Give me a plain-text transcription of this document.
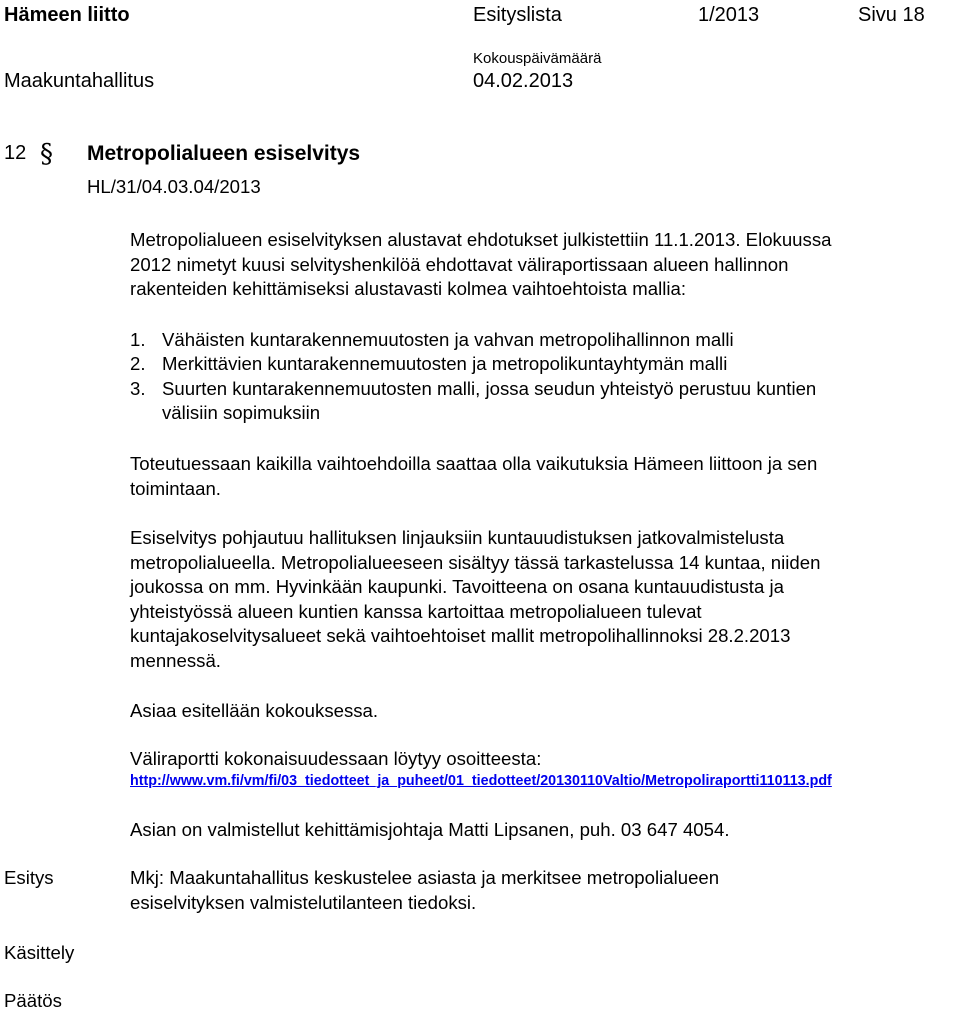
Hämeen liitto	Esityslista	1/2013	Sivu 18
Kokouspäivämäärä
Maakuntahallitus	04.02.2013
12 § Metropolialueen esiselvitys
HL/31/04.03.04/2013
Metropolialueen esiselvityksen alustavat ehdotukset julkistettiin 11.1.2013. Elokuussa
2012 nimetyt kuusi selvityshenkilöä ehdottavat väliraportissaan alueen hallinnon
rakenteiden kehittämiseksi alustavasti kolmea vaihtoehtoista mallia:
1. Vähäisten kuntarakennemuutosten ja vahvan metropolihallinnon malli
2. Merkittävien kuntarakennemuutosten ja metropolikuntayhtymän malli
3. Suurten kuntarakennemuutosten malli, jossa seudun yhteistyö perustuu kuntien
välisiin sopimuksiin
Toteutuessaan kaikilla vaihtoehdoilla saattaa olla vaikutuksia Hämeen liittoon ja sen
toimintaan.
Esiselvitys pohjautuu hallituksen linjauksiin kuntauudistuksen jatkovalmistelusta
metropolialueella. Metropolialueeseen sisältyy tässä tarkastelussa 14 kuntaa, niiden
joukossa on mm. Hyvinkään kaupunki. Tavoitteena on osana kuntauudistusta ja
yhteistyössä alueen kuntien kanssa kartoittaa metropolialueen tulevat
kuntajakoselvitysalueet sekä vaihtoehtoiset mallit metropolihallinnoksi 28.2.2013
mennessä.
Asiaa esitellään kokouksessa.
Väliraportti kokonaisuudessaan löytyy osoitteesta:
http://www.vm.fi/vm/fi/03_tiedotteet_ja_puheet/01_tiedotteet/20130110Valtio/Metropoliraportti110113.pdf
Asian on valmistellut kehittämisjohtaja Matti Lipsanen, puh. 03 647 4054.
Esitys	Mkj: Maakuntahallitus keskustelee asiasta ja merkitsee metropolialueen
esiselvityksen valmistelutilanteen tiedoksi.
Käsittely
Päätös
